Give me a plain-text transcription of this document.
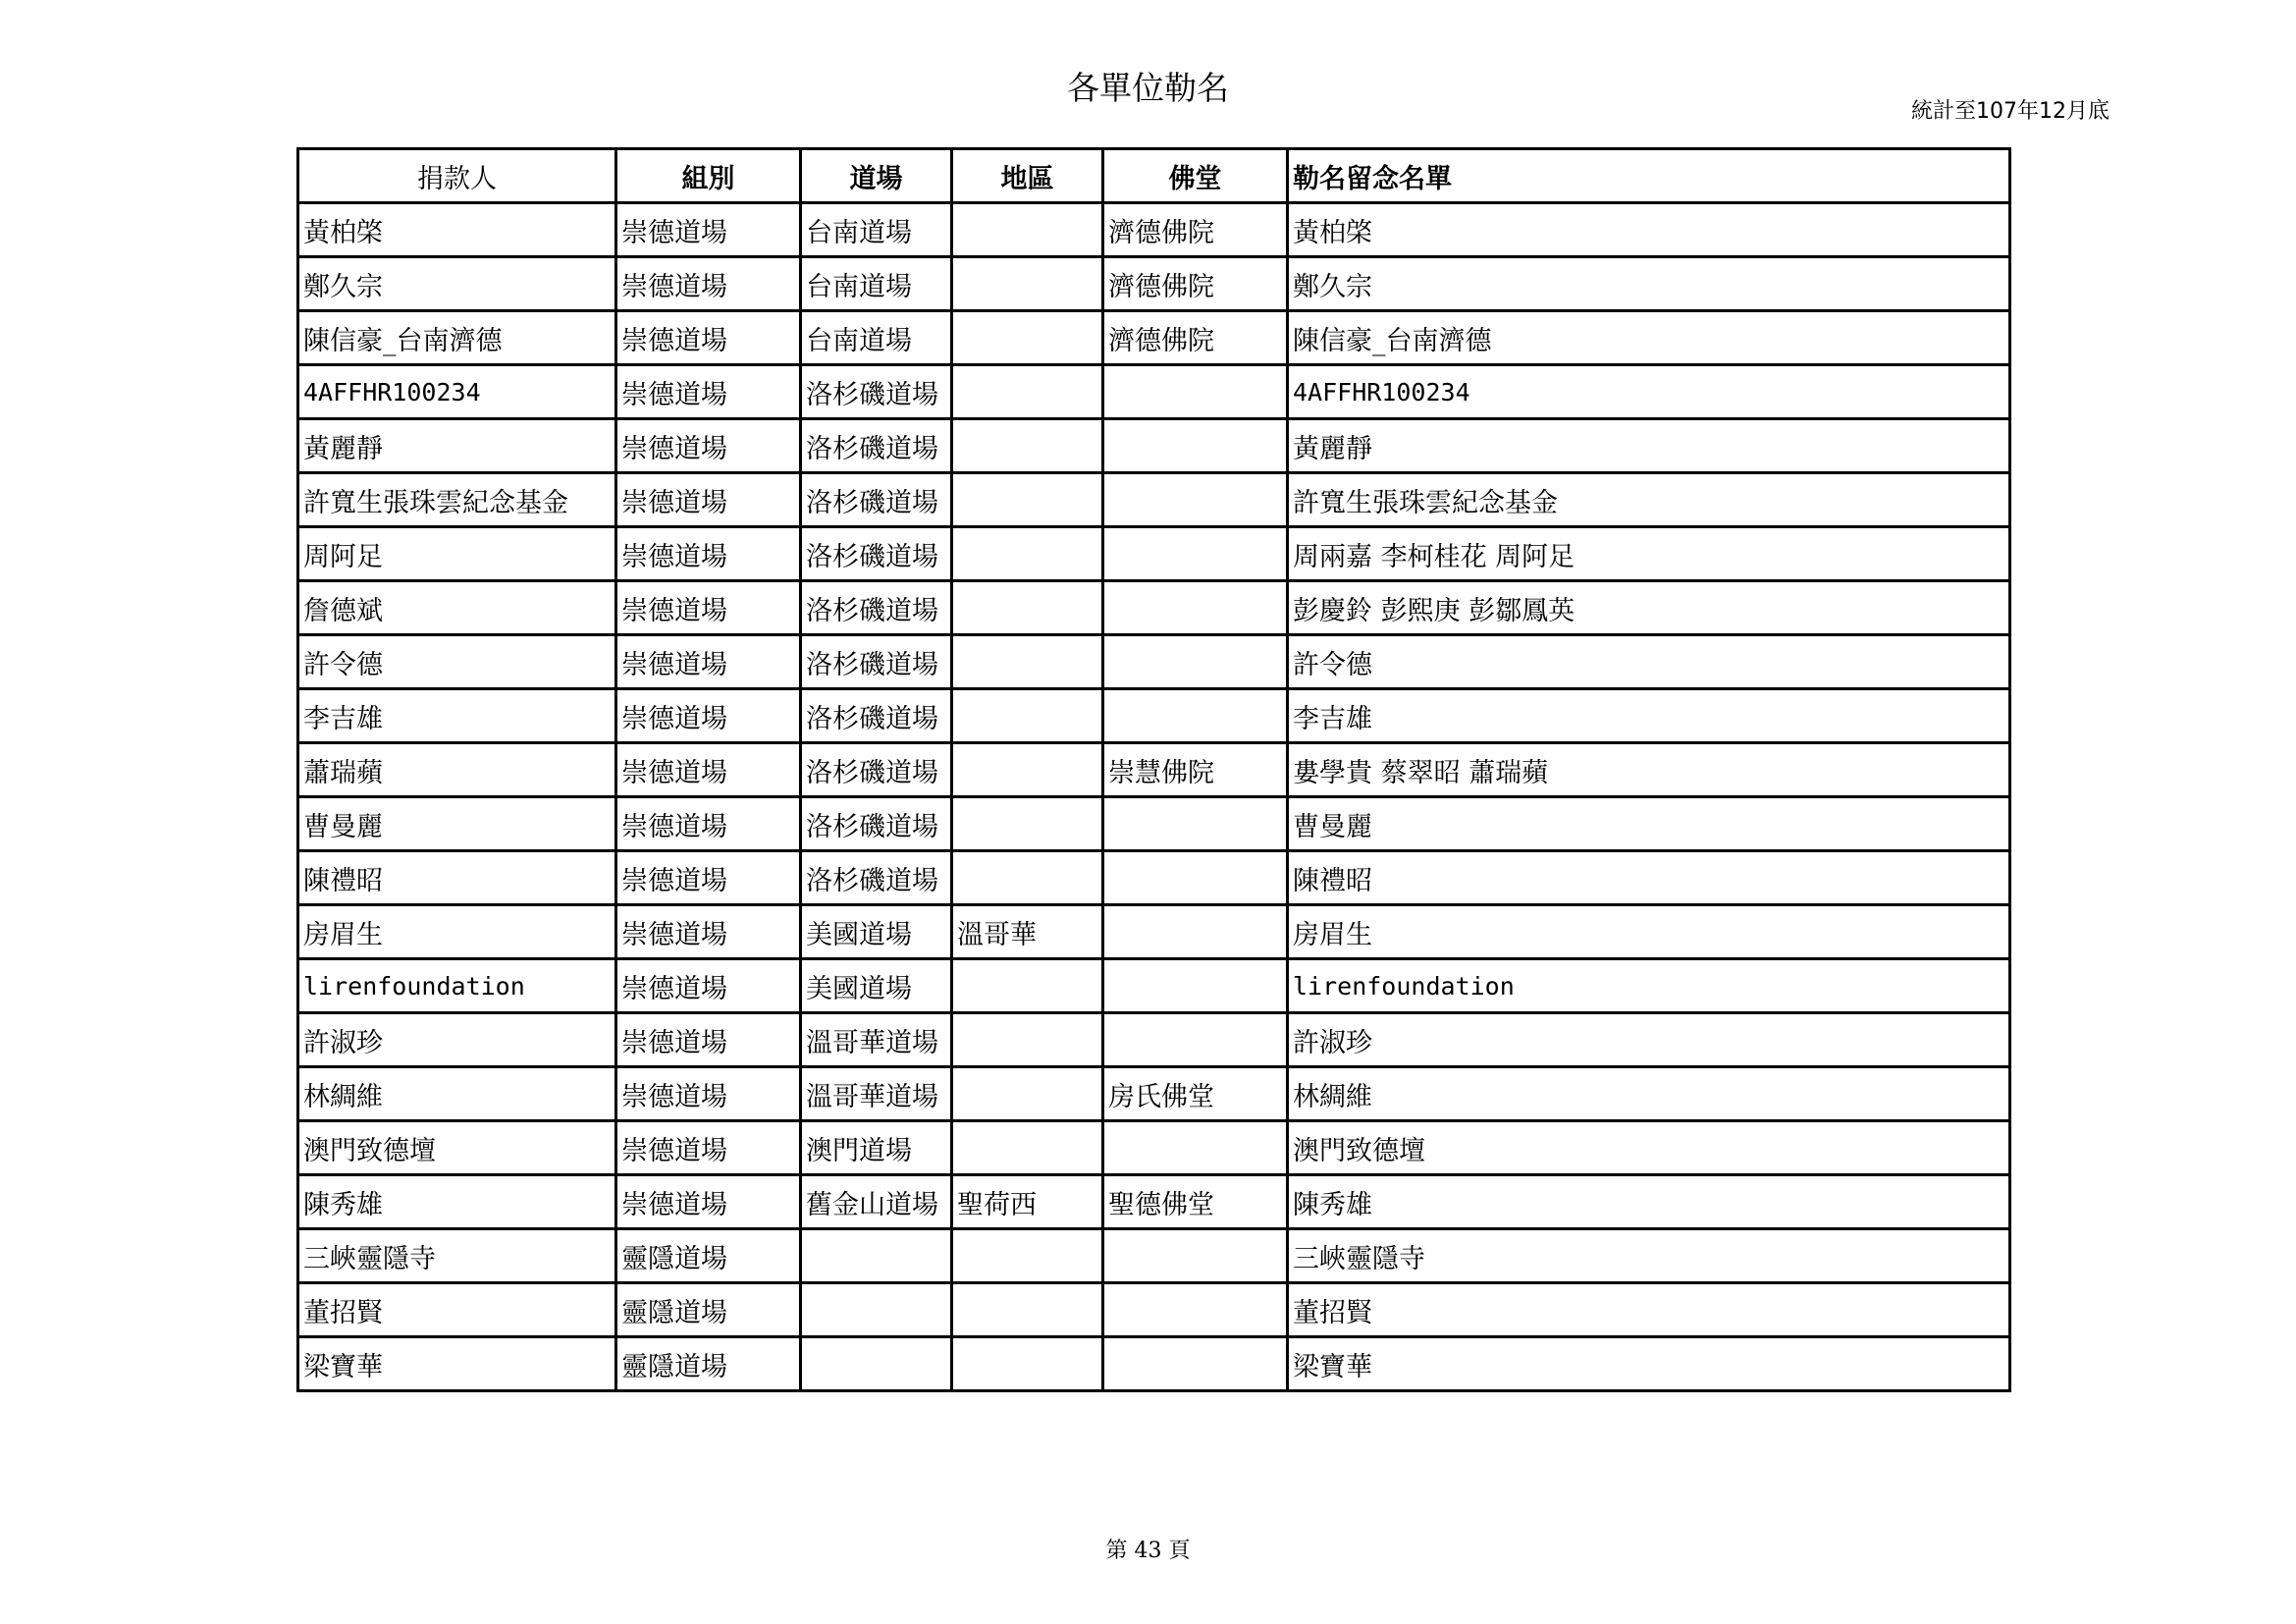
各單位勒名
統計至107年12月底
捐款人	組別	道場	地區	佛堂	勒名留念名單
黃柏棨	崇德道場	台南道場		濟德佛院	黃柏棨
鄭久宗	崇德道場	台南道場		濟德佛院	鄭久宗
陳信豪_台南濟德	崇德道場	台南道場		濟德佛院	陳信豪_台南濟德
4AFFHR100234	崇德道場	洛杉磯道場			4AFFHR100234
黃麗靜	崇德道場	洛杉磯道場			黃麗靜
許寬生張珠雲紀念基金	崇德道場	洛杉磯道場			許寬生張珠雲紀念基金
周阿足	崇德道場	洛杉磯道場			周兩嘉 李柯桂花 周阿足
詹德斌	崇德道場	洛杉磯道場			彭慶鈴 彭熙庚 彭鄒鳳英
許令德	崇德道場	洛杉磯道場			許令德
李吉雄	崇德道場	洛杉磯道場			李吉雄
蕭瑞蘋	崇德道場	洛杉磯道場		崇慧佛院	婁學貴 蔡翠昭 蕭瑞蘋
曹曼麗	崇德道場	洛杉磯道場			曹曼麗
陳禮昭	崇德道場	洛杉磯道場			陳禮昭
房眉生	崇德道場	美國道場	溫哥華		房眉生
lirenfoundation	崇德道場	美國道場			lirenfoundation
許淑珍	崇德道場	溫哥華道場			許淑珍
林綢維	崇德道場	溫哥華道場		房氏佛堂	林綢維
澳門致德壇	崇德道場	澳門道場			澳門致德壇
陳秀雄	崇德道場	舊金山道場	聖荷西	聖德佛堂	陳秀雄
三峽靈隱寺	靈隱道場				三峽靈隱寺
董招賢	靈隱道場				董招賢
梁寶華	靈隱道場				梁寶華
第 43 頁
